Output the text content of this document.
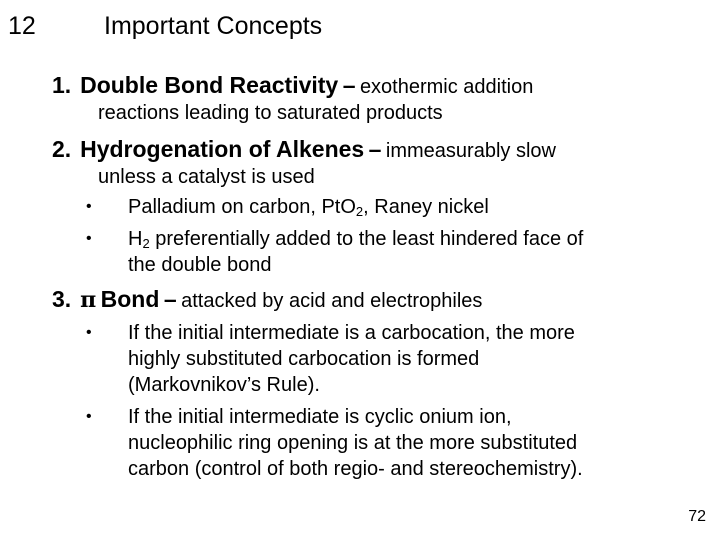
12	Important Concepts
1. Double Bond Reactivity – exothermic addition
reactions leading to saturated products
2. Hydrogenation of Alkenes – immeasurably slow
unless a catalyst is used
• Palladium on carbon, PtO$_2$, Raney nickel
• $H_2$ preferentially added to the least hindered face of
the double bond
3. π Bond – attacked by acid and electrophiles
• If the initial intermediate is a carbocation, the more
highly substituted carbocation is formed
(Markovnikov’s Rule).
• If the initial intermediate is cyclic onium ion,
nucleophilic ring opening is at the more substituted
carbon (control of both regio- and stereochemistry).
72
